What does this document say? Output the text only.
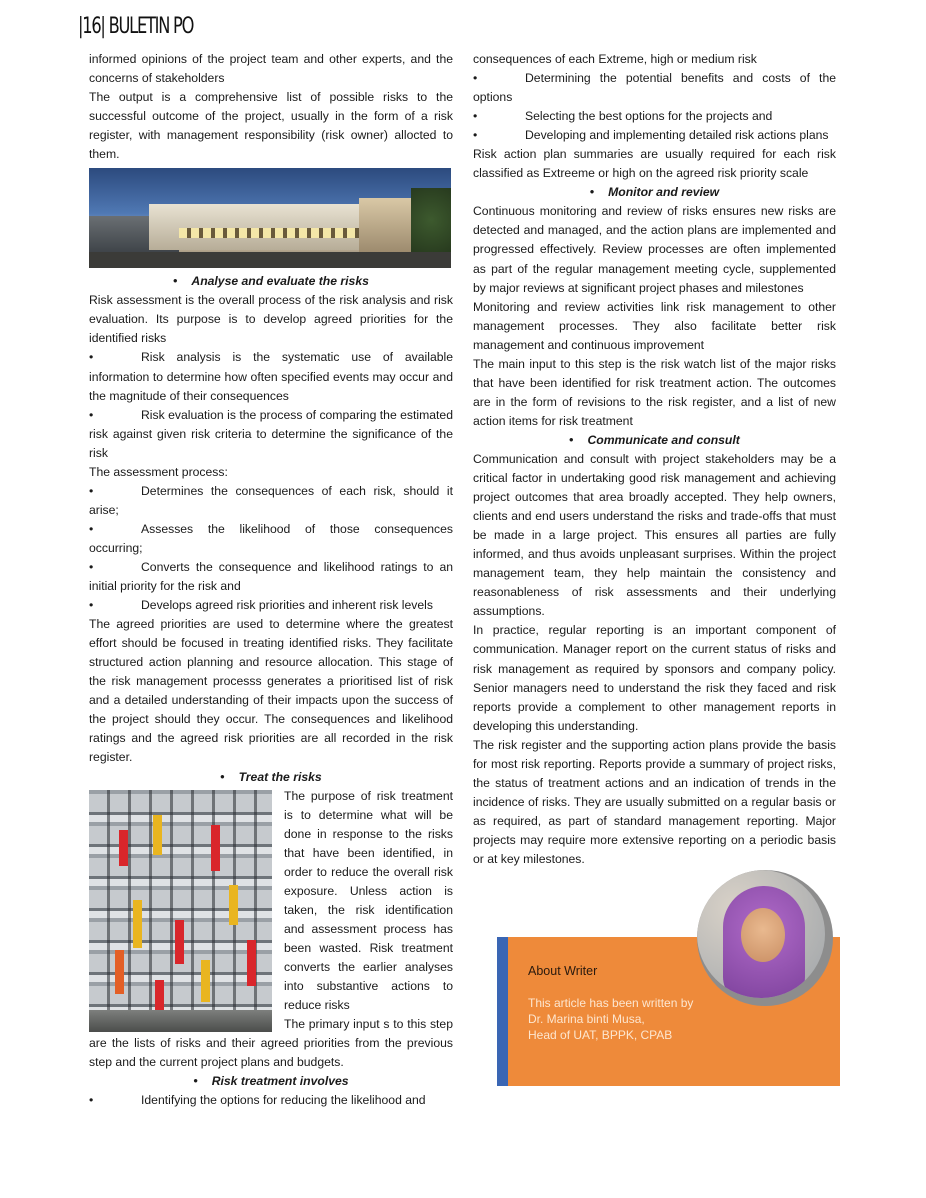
|16| BULETIN PO

informed opinions of the project team and other experts, and the concerns of stakeholders

The output is a comprehensive list of possible risks to the successful outcome of the project, usually in the form of a risk register, with management responsibility (risk owner) allocted to them.

• Analyse and evaluate the risks

Risk assessment is the overall process of the risk analysis and risk evaluation. Its purpose is to develop agreed priorities for the identified risks

•	Risk analysis is the systematic use of available information to determine how often specified events may occur and the magnitude of their consequences

•	Risk evaluation is the process of comparing the estimated risk against given risk criteria to determine the significance of the risk

The assessment process:

•	Determines the consequences of each risk, should it arise;

•	Assesses the likelihood of those consequences occurring;

•	Converts the consequence and likelihood ratings to an initial priority for the risk and

•	Develops agreed risk priorities and inherent risk levels

The agreed priorities are used to determine where the greatest effort should be focused in treating identified risks. They facilitate structured action planning and resource allocation. This stage of the risk management processs generates a prioritised list of risk and a detailed understanding of their impacts upon the success of the project should they occur. The consequences and likelihood ratings and the agreed risk priorities are all recorded in the risk register.

• Treat the risks

The purpose of risk treatment is to determine what will be done in response to the risks that have been identified, in order to reduce the overall risk exposure. Unless action is taken, the risk identification and assessment process has been wasted. Risk treatment converts the earlier analyses into substantive actions to reduce risks

The primary input s to this step are the lists of risks and their agreed priorities from the previous step and the current project plans and budgets.

• Risk treatment involves

•	Identifying the options for reducing the likelihood and

consequences of each Extreme, high or medium risk

•	Determining the potential benefits and costs of the options

•	Selecting the best options for the projects and

•	Developing and implementing detailed risk actions plans

Risk action plan summaries are usually required for each risk classified as Extreeme or high on the agreed risk priority scale

• Monitor and review

Continuous monitoring and review of risks ensures new risks are detected and managed, and the action plans are implemented and progressed effectively. Review processes are often implemented as part of the regular management meeting cycle, supplemented by major reviews at significant project phases and milestones

Monitoring and review activities link risk management to other management processes. They also facilitate better risk management and continuous improvement

The main input to this step is the risk watch list of the major risks that have been identified for risk treatment action. The outcomes are in the form of revisions to the risk register, and a list of new action items for risk treatment

• Communicate and consult

Communication and consult with project stakeholders may be a critical factor in undertaking good risk management and achieving project outcomes that area broadly accepted. They help owners, clients and end users understand the risks and trade-offs that must be made in a large project. This ensures all parties are fully informed, and thus avoids unpleasant surprises. Within the project management team, they help maintain the consistency and reasonableness of risk assessments and their underlying assumptions.

In practice, regular reporting is an important component of communication. Manager report on the current status of risks and risk management as required by sponsors and company policy. Senior managers need to understand the risk they faced and risk reports provide a complement to other management reports in developing this understanding.

The risk register and the supporting action plans provide the basis for most risk reporting. Reports provide a summary of project risks, the status of treatment actions and an indication of trends in the incidence of risks. They are usually submitted on a regular basis or as required, as part of standard management reporting. Major projects may require more extensive reporting on a periodic basis or at key milestones.

About Writer
This article has been written by
Dr. Marina binti Musa,
Head of UAT, BPPK, CPAB
